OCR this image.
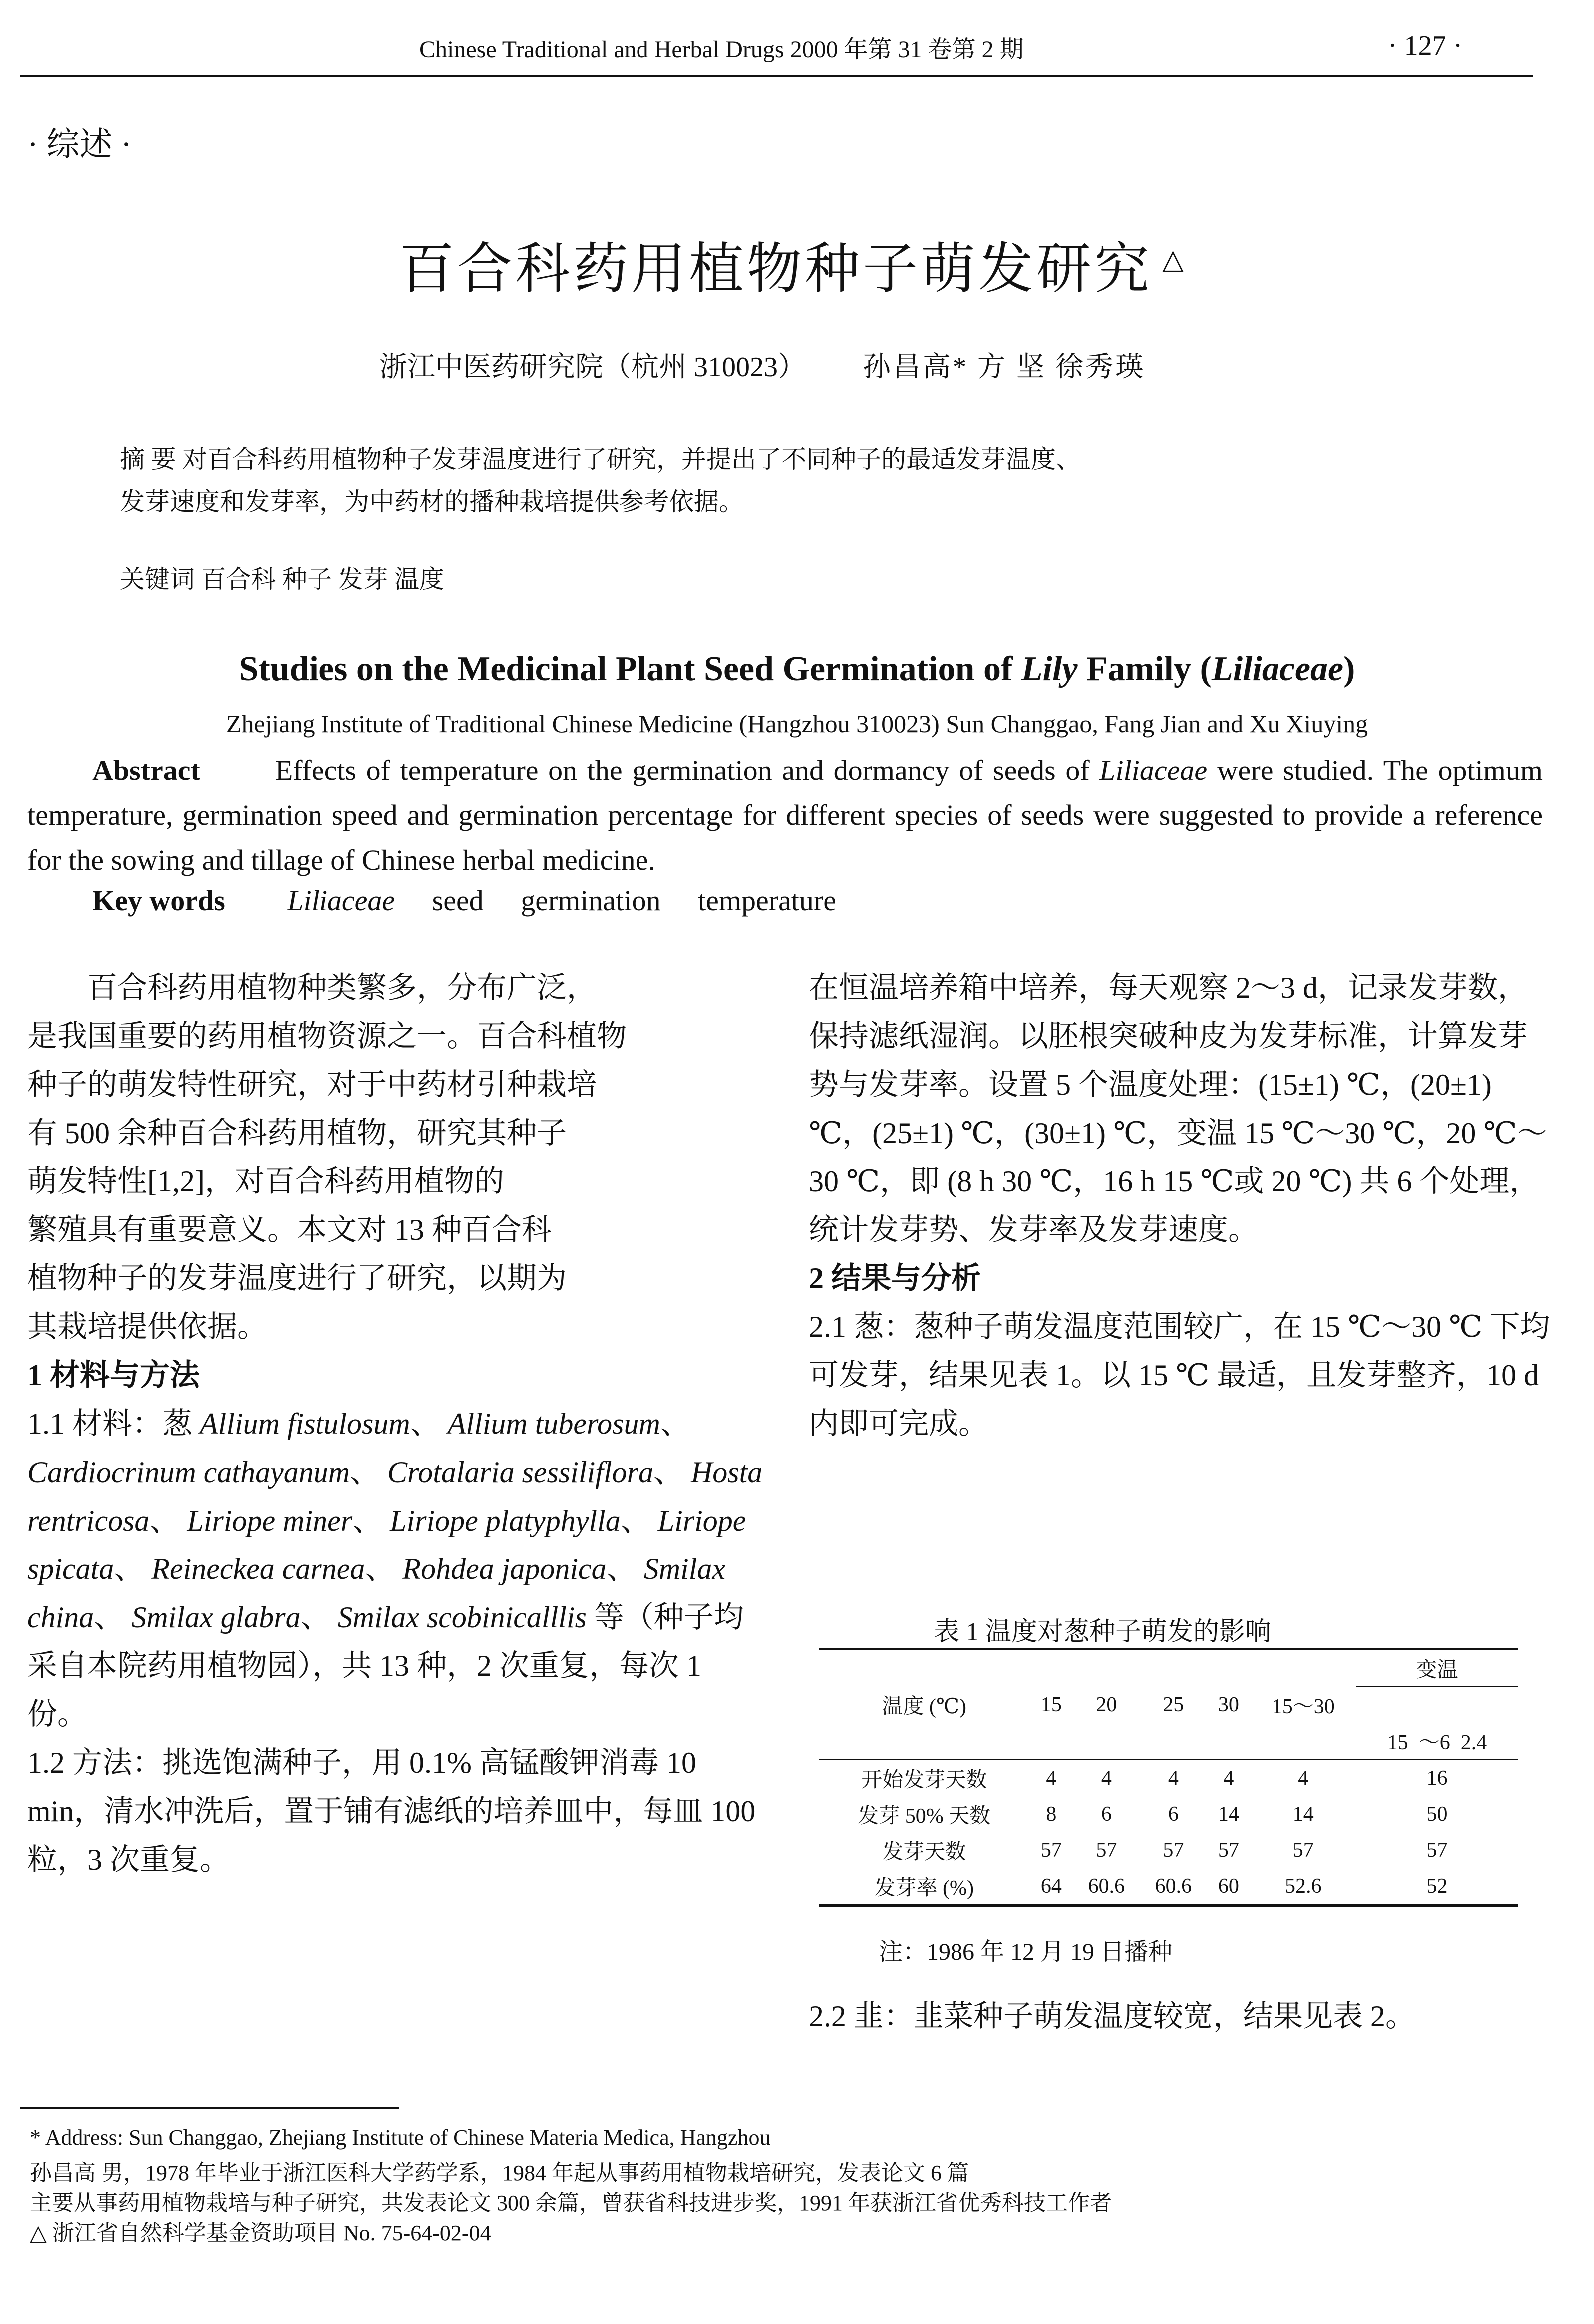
Chinese Traditional and Herbal Drugs 2000 年第 31 卷第 2 期	· 127 ·
· 综述 ·
百合科药用植物种子萌发研究 △
浙江中医药研究院（杭州 310023） 孙昌高* 方 坚 徐秀瑛
摘 要 对百合科药用植物种子发芽温度进行了研究，并提出了不同种子的最适发芽温度、
发芽速度和发芽率，为中药材的播种栽培提供参考依据。
关键词 百合科 种子 发芽 温度
Studies on the Medicinal Plant Seed Germination of Lily Family (Liliaceae)
Zhejiang Institute of Traditional Chinese Medicine (Hangzhou 310023) Sun Changgao, Fang Jian and Xu Xiuying
Abstract	Effects of temperature on the germination and dormancy of seeds of Liliaceae were studied. The optimum temperature, germination speed and germination percentage for different species of seeds were suggested to provide a reference for the sowing and tillage of Chinese herbal medicine.
Key words Liliaceae seed germination temperature

百合科药用植物种类繁多，分布广泛，

是我国重要的药用植物资源之一。百合科植物

种子的萌发特性研究，对于中药材引种栽培

有 500 余种百合科药用植物，研究其种子

萌发特性[1,2]，对百合科药用植物的

繁殖具有重要意义。本文对 13 种百合科

植物种子的发芽温度进行了研究，以期为

其栽培提供依据。

1 材料与方法

1.1 材料：葱 Allium fistulosum、 Allium tuberosum、 Cardiocrinum cathayanum、 Crotalaria sessiliflora、 Hosta rentricosa、 Liriope miner、 Liriope platyphylla、 Liriope spicata、 Reineckea carnea、 Rohdea japonica、 Smilax china、 Smilax glabra、 Smilax scobinicalllis 等（种子均采自本院药用植物园），共 13 种，2 次重复，每次 1 份。

1.2 方法：挑选饱满种子，用 0.1% 高锰酸钾消毒 10 min，清水冲洗后，置于铺有滤纸的培养皿中，每皿 100 粒，3 次重复。

在恒温培养箱中培养，每天观察 2～3 d，记录发芽数，保持滤纸湿润。以胚根突破种皮为发芽标准，计算发芽势与发芽率。设置 5 个温度处理：(15±1) ℃，(20±1) ℃，(25±1) ℃，(30±1) ℃，变温 15 ℃～30 ℃，20 ℃～30 ℃，即 (8 h 30 ℃，16 h 15 ℃或 20 ℃) 共 6 个处理，统计发芽势、发芽率及发芽速度。

2 结果与分析

2.1 葱：葱种子萌发温度范围较广，在 15 ℃～30 ℃ 下均可发芽，结果见表 1。以 15 ℃ 最适，且发芽整齐，10 d 内即可完成。

表 1 温度对葱种子萌发的影响
						变温
温度 (℃)	15	20	25	30	15～30	
						15 ～6 2.4
开始发芽天数	4	4	4	4	4	16
发芽 50% 天数	8	6	6	14	14	50
发芽天数	57	57	57	57	57	57
发芽率 (%)	64	60.6	60.6	60	52.6	52
注：1986 年 12 月 19 日播种
2.2 韭：韭菜种子萌发温度较宽，结果见表 2。
* Address: Sun Changgao, Zhejiang Institute of Chinese Materia Medica, Hangzhou
孙昌高 男，1978 年毕业于浙江医科大学药学系，1984 年起从事药用植物栽培研究，发表论文 6 篇
主要从事药用植物栽培与种子研究，共发表论文 300 余篇，曾获省科技进步奖，1991 年获浙江省优秀科技工作者
△ 浙江省自然科学基金资助项目 No. 75-64-02-04
